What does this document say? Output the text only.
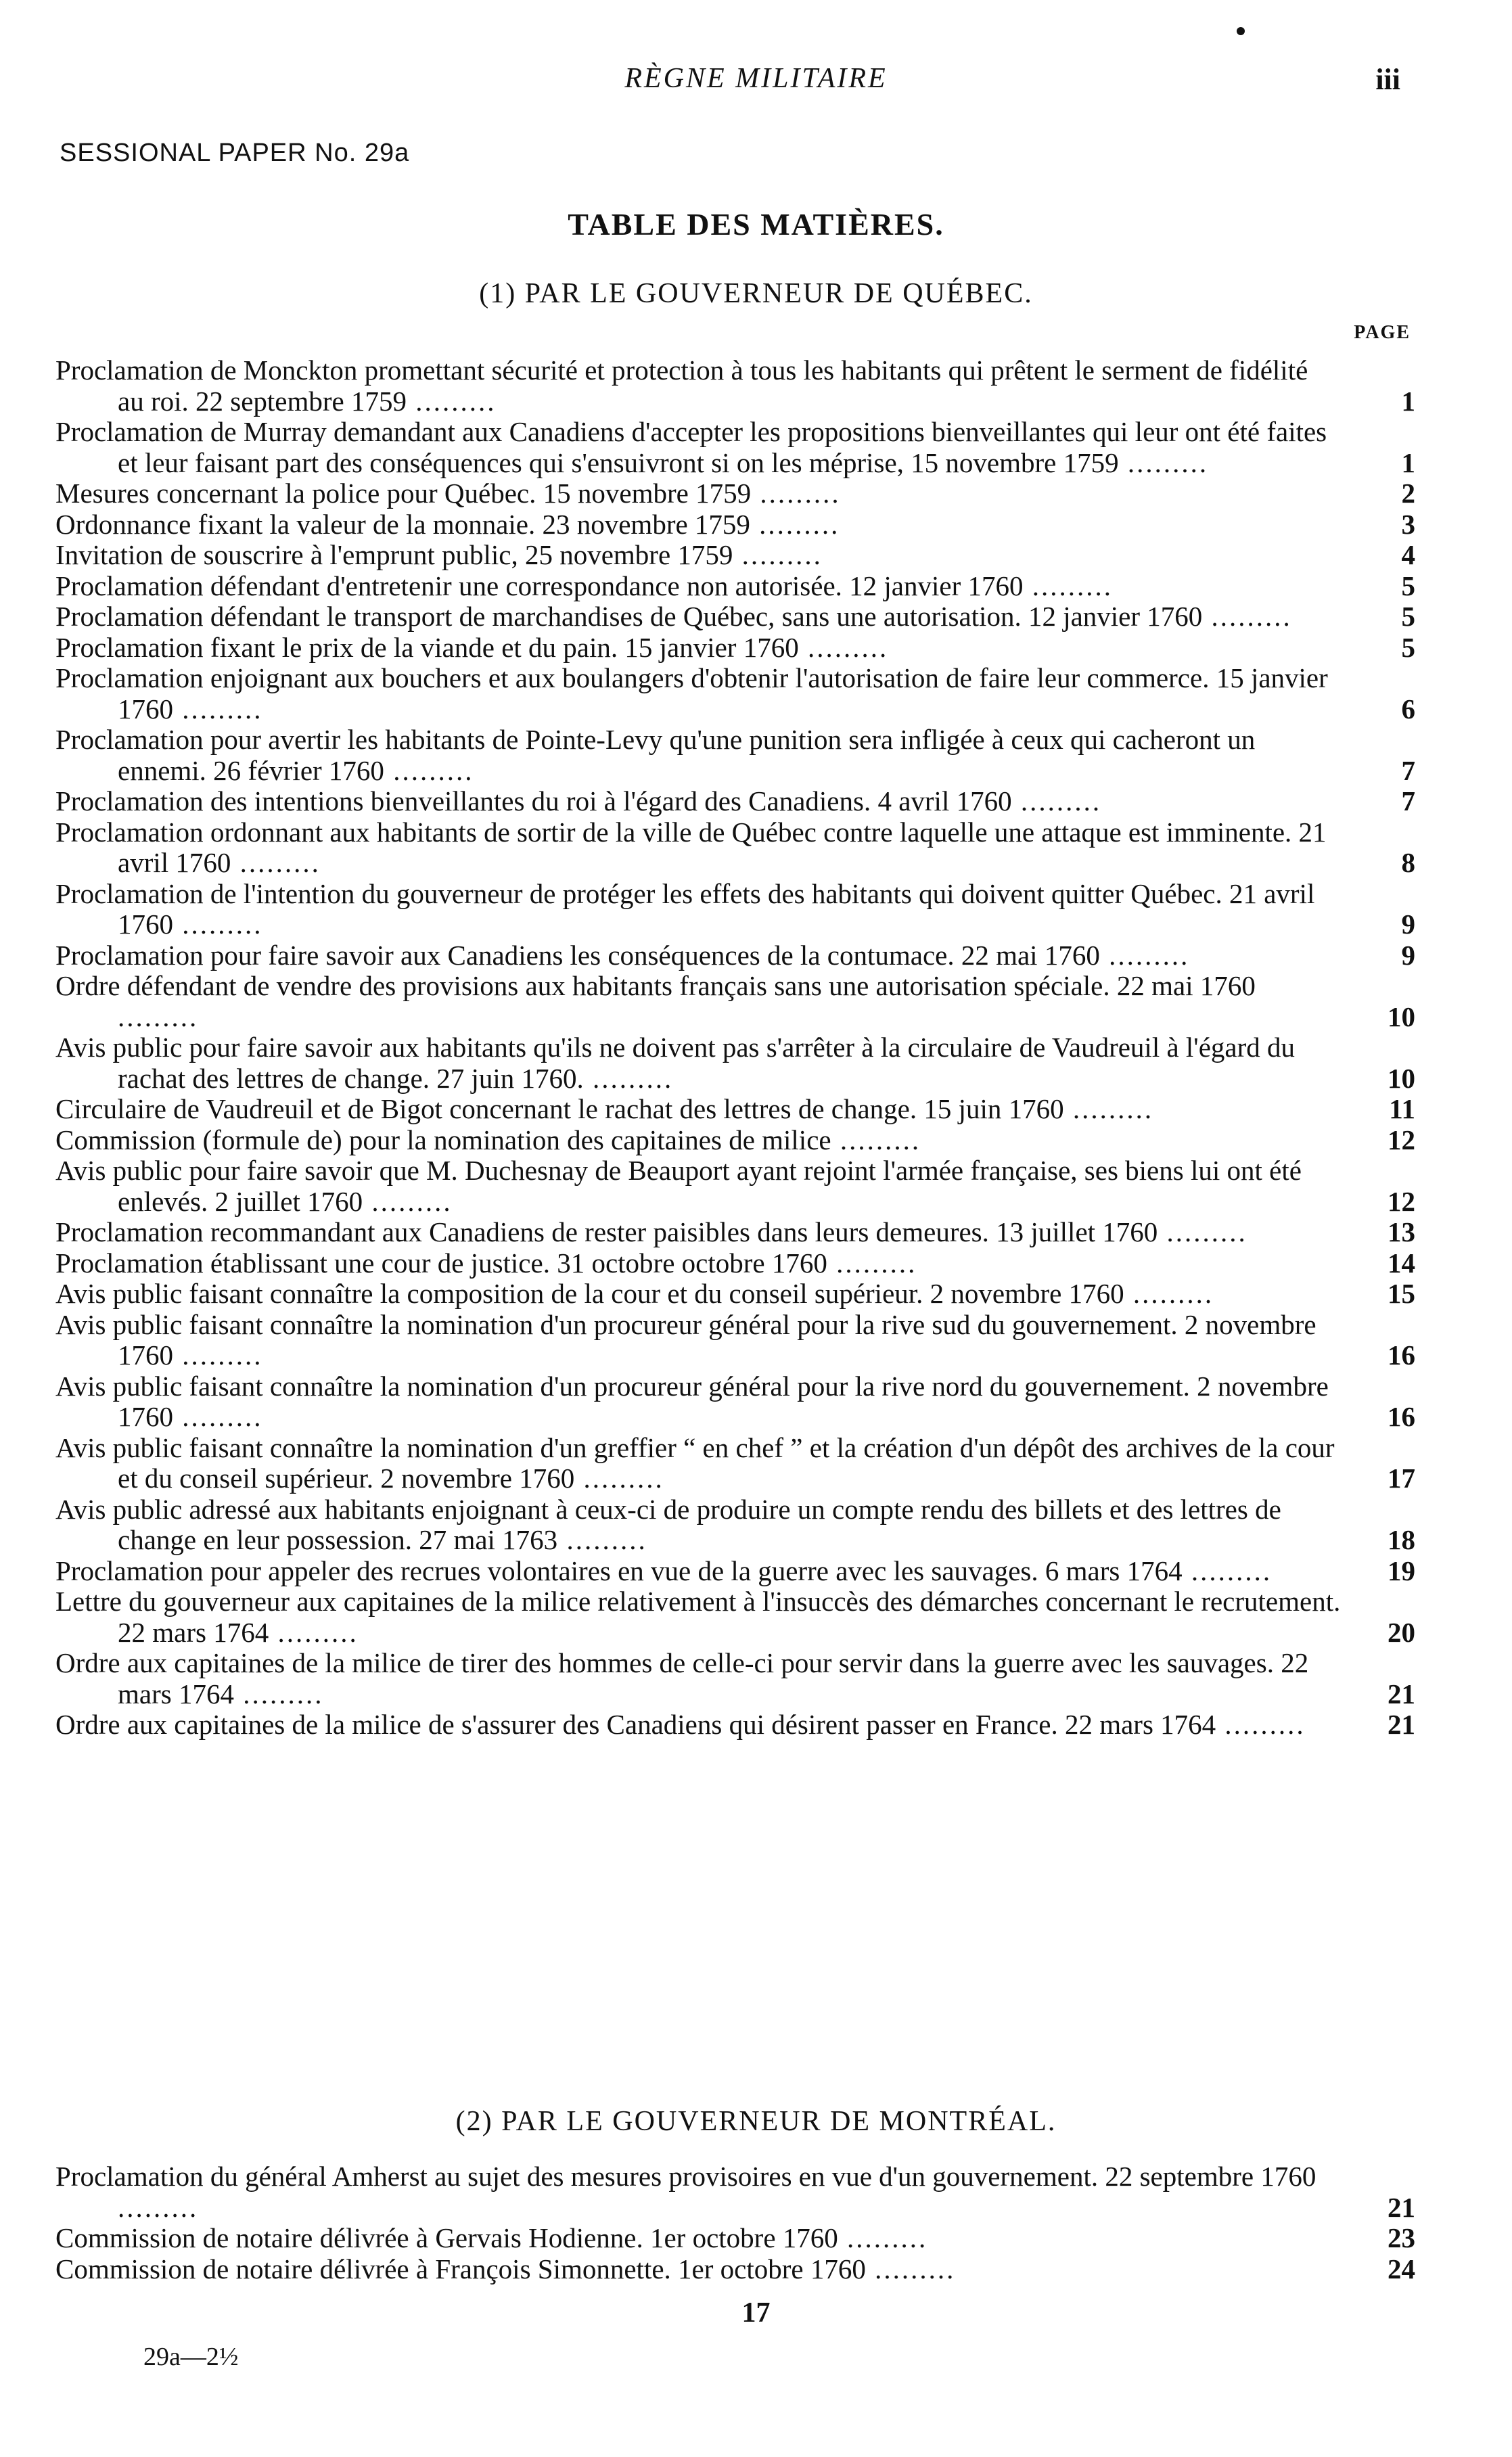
RÈGNE MILITAIRE	iii
SESSIONAL PAPER No. 29a
TABLE DES MATIÈRES.
(1) PAR LE GOUVERNEUR DE QUÉBEC.
PAGE
Proclamation de Monckton promettant sécurité et protection à tous les habitants qui prêtent le serment de fidélité au roi. 22 septembre 1759 .........	1
Proclamation de Murray demandant aux Canadiens d'accepter les propositions bienveillantes qui leur ont été faites et leur faisant part des conséquences qui s'ensuivront si on les méprise, 15 novembre 1759 .........	1
Mesures concernant la police pour Québec. 15 novembre 1759 .........	2
Ordonnance fixant la valeur de la monnaie. 23 novembre 1759 .........	3
Invitation de souscrire à l'emprunt public, 25 novembre 1759 .........	4
Proclamation défendant d'entretenir une correspondance non autorisée. 12 janvier 1760 .........	5
Proclamation défendant le transport de marchandises de Québec, sans une autorisation. 12 janvier 1760 .........	5
Proclamation fixant le prix de la viande et du pain. 15 janvier 1760 .........	5
Proclamation enjoignant aux bouchers et aux boulangers d'obtenir l'autorisation de faire leur commerce. 15 janvier 1760 .........	6
Proclamation pour avertir les habitants de Pointe-Levy qu'une punition sera infligée à ceux qui cacheront un ennemi. 26 février 1760 .........	7
Proclamation des intentions bienveillantes du roi à l'égard des Canadiens. 4 avril 1760 .........	7
Proclamation ordonnant aux habitants de sortir de la ville de Québec contre laquelle une attaque est imminente. 21 avril 1760 .........	8
Proclamation de l'intention du gouverneur de protéger les effets des habitants qui doivent quitter Québec. 21 avril 1760 .........	9
Proclamation pour faire savoir aux Canadiens les conséquences de la contumace. 22 mai 1760 .........	9
Ordre défendant de vendre des provisions aux habitants français sans une autorisation spéciale. 22 mai 1760 .........	10
Avis public pour faire savoir aux habitants qu'ils ne doivent pas s'arrêter à la circulaire de Vaudreuil à l'égard du rachat des lettres de change. 27 juin 1760. .........	10
Circulaire de Vaudreuil et de Bigot concernant le rachat des lettres de change. 15 juin 1760 .........	11
Commission (formule de) pour la nomination des capitaines de milice .........	12
Avis public pour faire savoir que M. Duchesnay de Beauport ayant rejoint l'armée française, ses biens lui ont été enlevés. 2 juillet 1760 .........	12
Proclamation recommandant aux Canadiens de rester paisibles dans leurs demeures. 13 juillet 1760 .........	13
Proclamation établissant une cour de justice. 31 octobre octobre 1760 .........	14
Avis public faisant connaître la composition de la cour et du conseil supérieur. 2 novembre 1760 .........	15
Avis public faisant connaître la nomination d'un procureur général pour la rive sud du gouvernement. 2 novembre 1760 .........	16
Avis public faisant connaître la nomination d'un procureur général pour la rive nord du gouvernement. 2 novembre 1760 .........	16
Avis public faisant connaître la nomination d'un greffier “ en chef ” et la création d'un dépôt des archives de la cour et du conseil supérieur. 2 novembre 1760 .........	17
Avis public adressé aux habitants enjoignant à ceux-ci de produire un compte rendu des billets et des lettres de change en leur possession. 27 mai 1763 .........	18
Proclamation pour appeler des recrues volontaires en vue de la guerre avec les sauvages. 6 mars 1764 .........	19
Lettre du gouverneur aux capitaines de la milice relativement à l'insuccès des démarches concernant le recrutement. 22 mars 1764 .........	20
Ordre aux capitaines de la milice de tirer des hommes de celle-ci pour servir dans la guerre avec les sauvages. 22 mars 1764 .........	21
Ordre aux capitaines de la milice de s'assurer des Canadiens qui désirent passer en France. 22 mars 1764 .........	21
(2) PAR LE GOUVERNEUR DE MONTRÉAL.
Proclamation du général Amherst au sujet des mesures provisoires en vue d'un gouvernement. 22 septembre 1760 .........	21
Commission de notaire délivrée à Gervais Hodienne. 1er octobre 1760 .........	23
Commission de notaire délivrée à François Simonnette. 1er octobre 1760 .........	24
17
29a—2½
